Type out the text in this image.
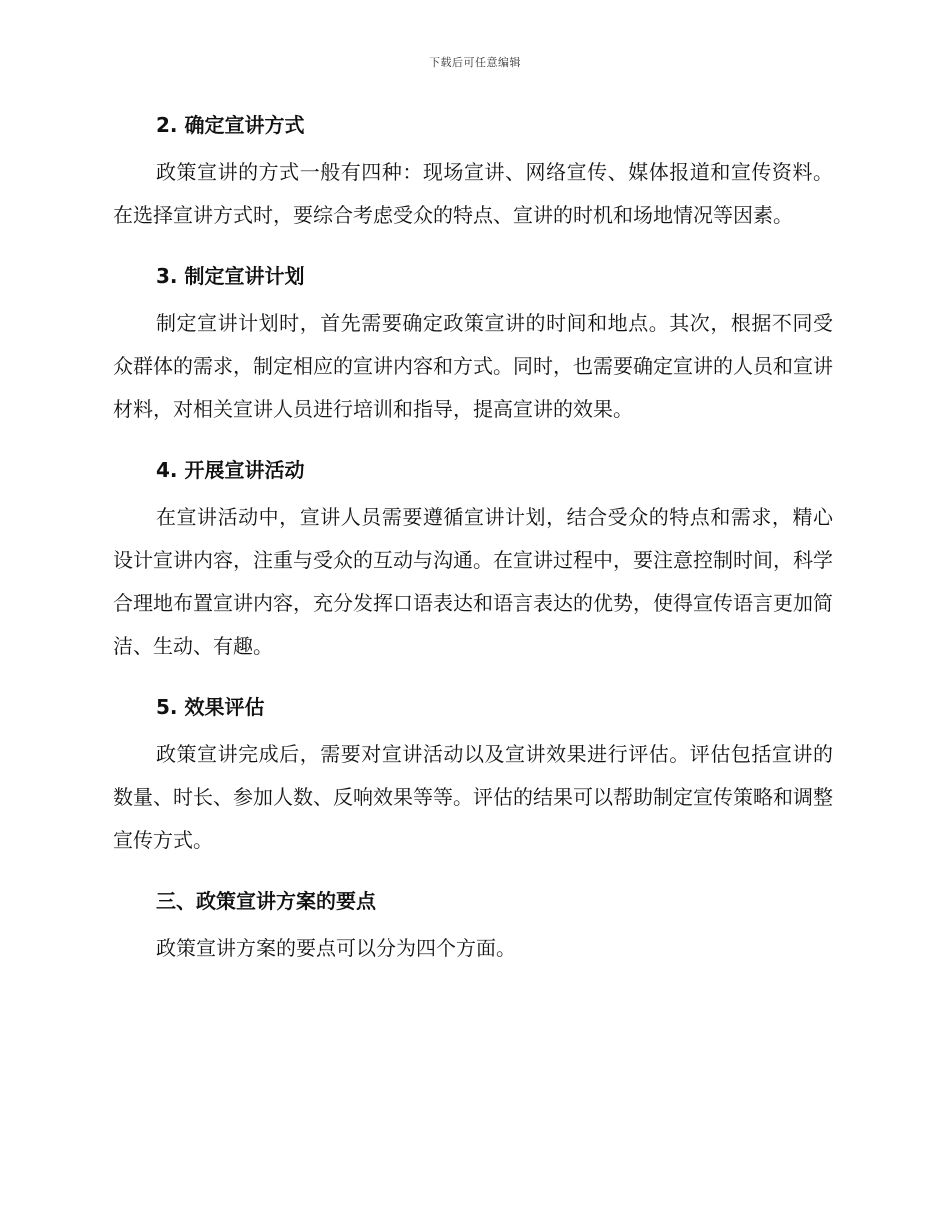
下载后可任意编辑
2. 确定宣讲方式

政策宣讲的方式一般有四种：现场宣讲、网络宣传、媒体报道和宣传资料。在选择宣讲方式时，要综合考虑受众的特点、宣讲的时机和场地情况等因素。

3. 制定宣讲计划

制定宣讲计划时，首先需要确定政策宣讲的时间和地点。其次，根据不同受众群体的需求，制定相应的宣讲内容和方式。同时，也需要确定宣讲的人员和宣讲材料，对相关宣讲人员进行培训和指导，提高宣讲的效果。

4. 开展宣讲活动

在宣讲活动中，宣讲人员需要遵循宣讲计划，结合受众的特点和需求，精心设计宣讲内容，注重与受众的互动与沟通。在宣讲过程中，要注意控制时间，科学合理地布置宣讲内容，充分发挥口语表达和语言表达的优势，使得宣传语言更加简洁、生动、有趣。

5. 效果评估

政策宣讲完成后，需要对宣讲活动以及宣讲效果进行评估。评估包括宣讲的数量、时长、参加人数、反响效果等等。评估的结果可以帮助制定宣传策略和调整宣传方式。

三、政策宣讲方案的要点

政策宣讲方案的要点可以分为四个方面。
